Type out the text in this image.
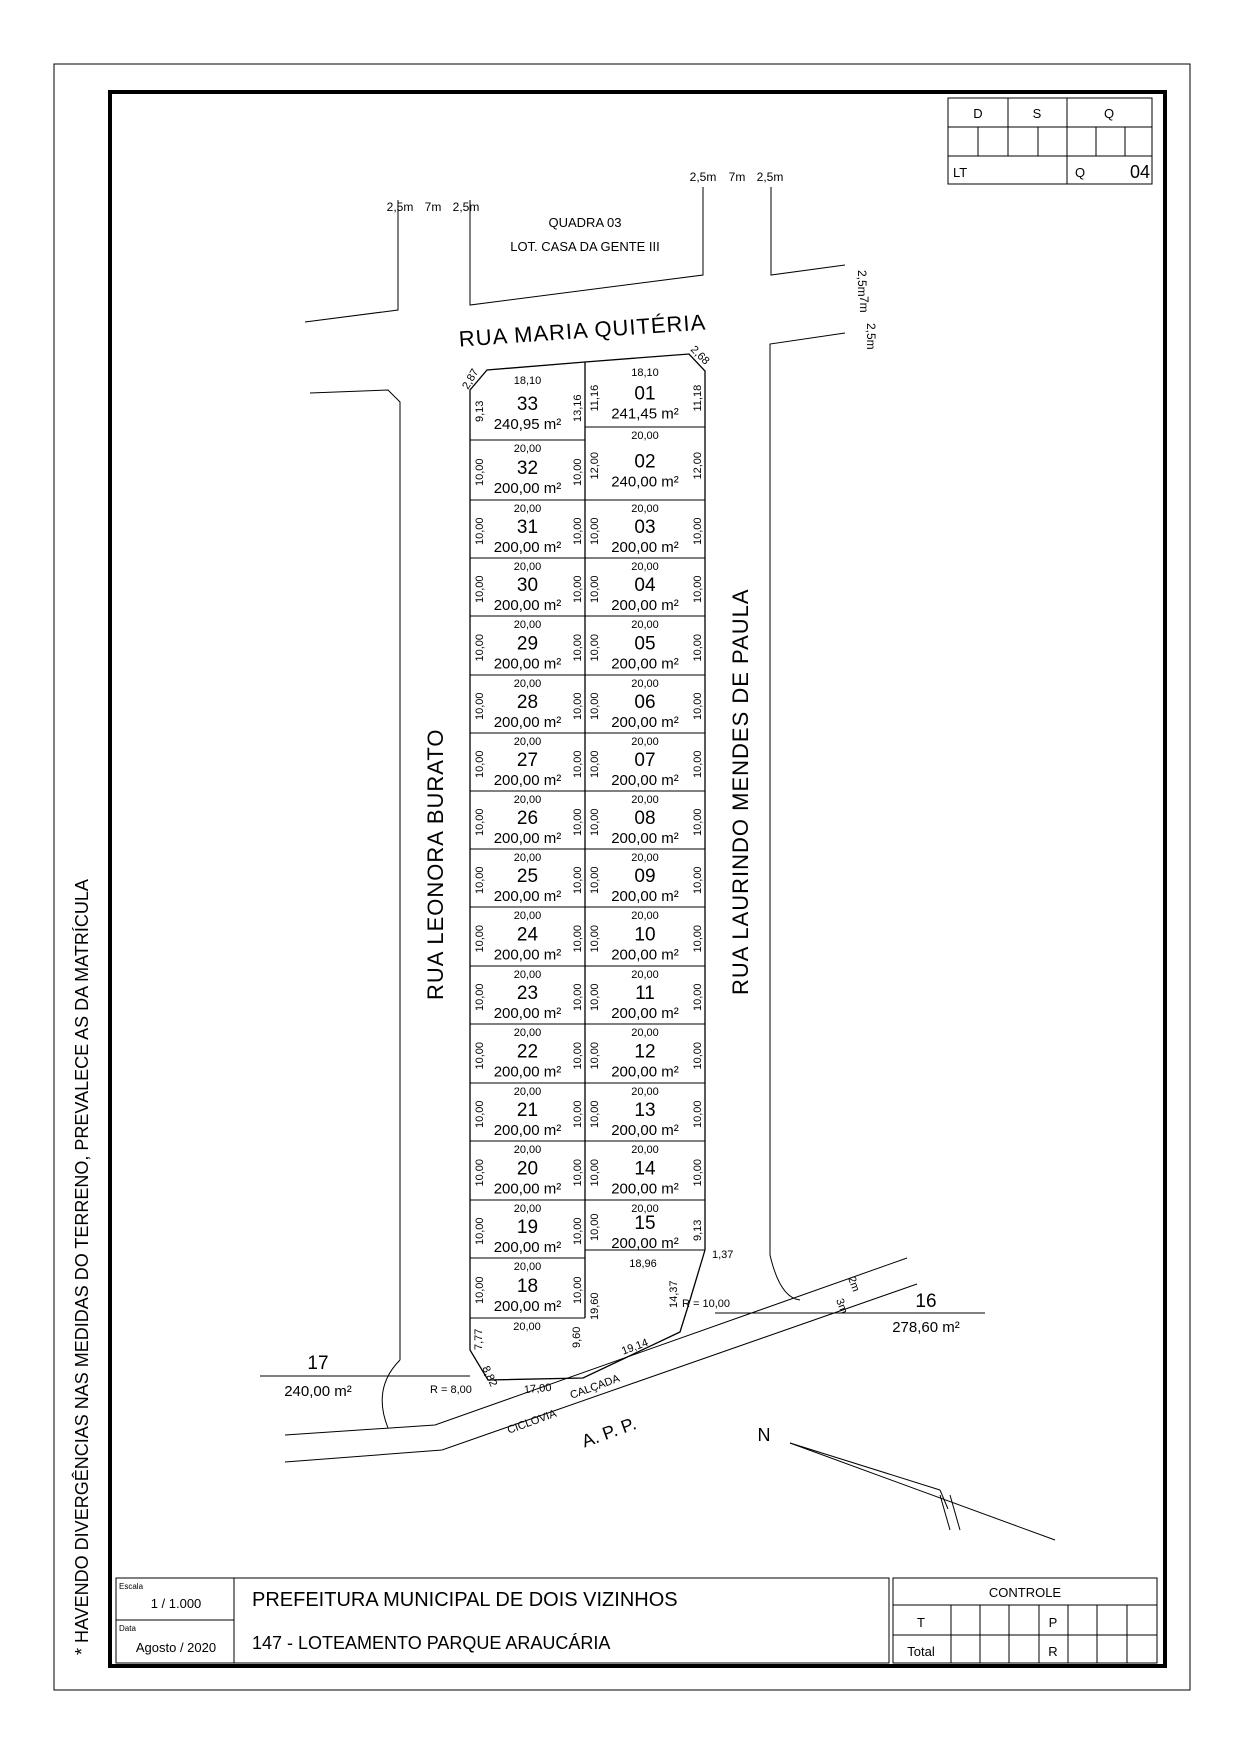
* HAVENDO DIVERGÊNCIAS NAS MEDIDAS DO TERRENO, PREVALECE AS DA MATRÍCULA
D	S	Q
LT	Q 04
QUADRA 03
LOT. CASA DA GENTE III
2,5m 7m 2,5m
2,5m 7m 2,5m
2,5m
7m
2,5m
RUA MARIA QUITÉRIA
RUA LEONORA BURATO	RUA LAURINDO MENDES DE PAULA
18,10
33
240,95 m²
9,13	13,16
20,00
32
200,00 m²
10,00	10,00
20,00
31
200,00 m²
10,00	10,00
20,00
30
200,00 m²
10,00	10,00
20,00
29
200,00 m²
10,00	10,00
20,00
28
200,00 m²
10,00	10,00
20,00
27
200,00 m²
10,00	10,00
20,00
26
200,00 m²
10,00	10,00
20,00
25
200,00 m²
10,00	10,00
20,00
24
200,00 m²
10,00	10,00
20,00
23
200,00 m²
10,00	10,00
20,00
22
200,00 m²
10,00	10,00
20,00
21
200,00 m²
10,00	10,00
20,00
20
200,00 m²
10,00	10,00
20,00
19
200,00 m²
10,00	10,00
20,00
18
200,00 m²
10,00	10,00
20,00
18,10
01
241,45 m²
11,16	11,18
20,00
02
240,00 m²
12,00	12,00
20,00
03
200,00 m²
10,00	10,00
20,00
04
200,00 m²
10,00	10,00
20,00
05
200,00 m²
10,00	10,00
20,00
06
200,00 m²
10,00	10,00
20,00
07
200,00 m²
10,00	10,00
20,00
08
200,00 m²
10,00	10,00
20,00
09
200,00 m²
10,00	10,00
20,00
10
200,00 m²
10,00	10,00
20,00
11
200,00 m²
10,00	10,00
20,00
12
200,00 m²
10,00	10,00
20,00
13
200,00 m²
10,00	10,00
20,00
14
200,00 m²
10,00	10,00
20,00
15
200,00 m²
10,00	9,13
2,87
2,68
18,96
14,37
1,37
19,60
9,60
7,77
8,82
17,00
19,14
R = 8,00
R = 10,00
17
240,00 m²
16
278,60 m²
CALÇADA
CICLOVIA A. P. P.
2m
3m
N
Escala
1 / 1.000
Data
Agosto / 2020
PREFEITURA MUNICIPAL DE DOIS VIZINHOS
147 - LOTEAMENTO PARQUE ARAUCÁRIA
CONTROLE
T	P
Total	R
